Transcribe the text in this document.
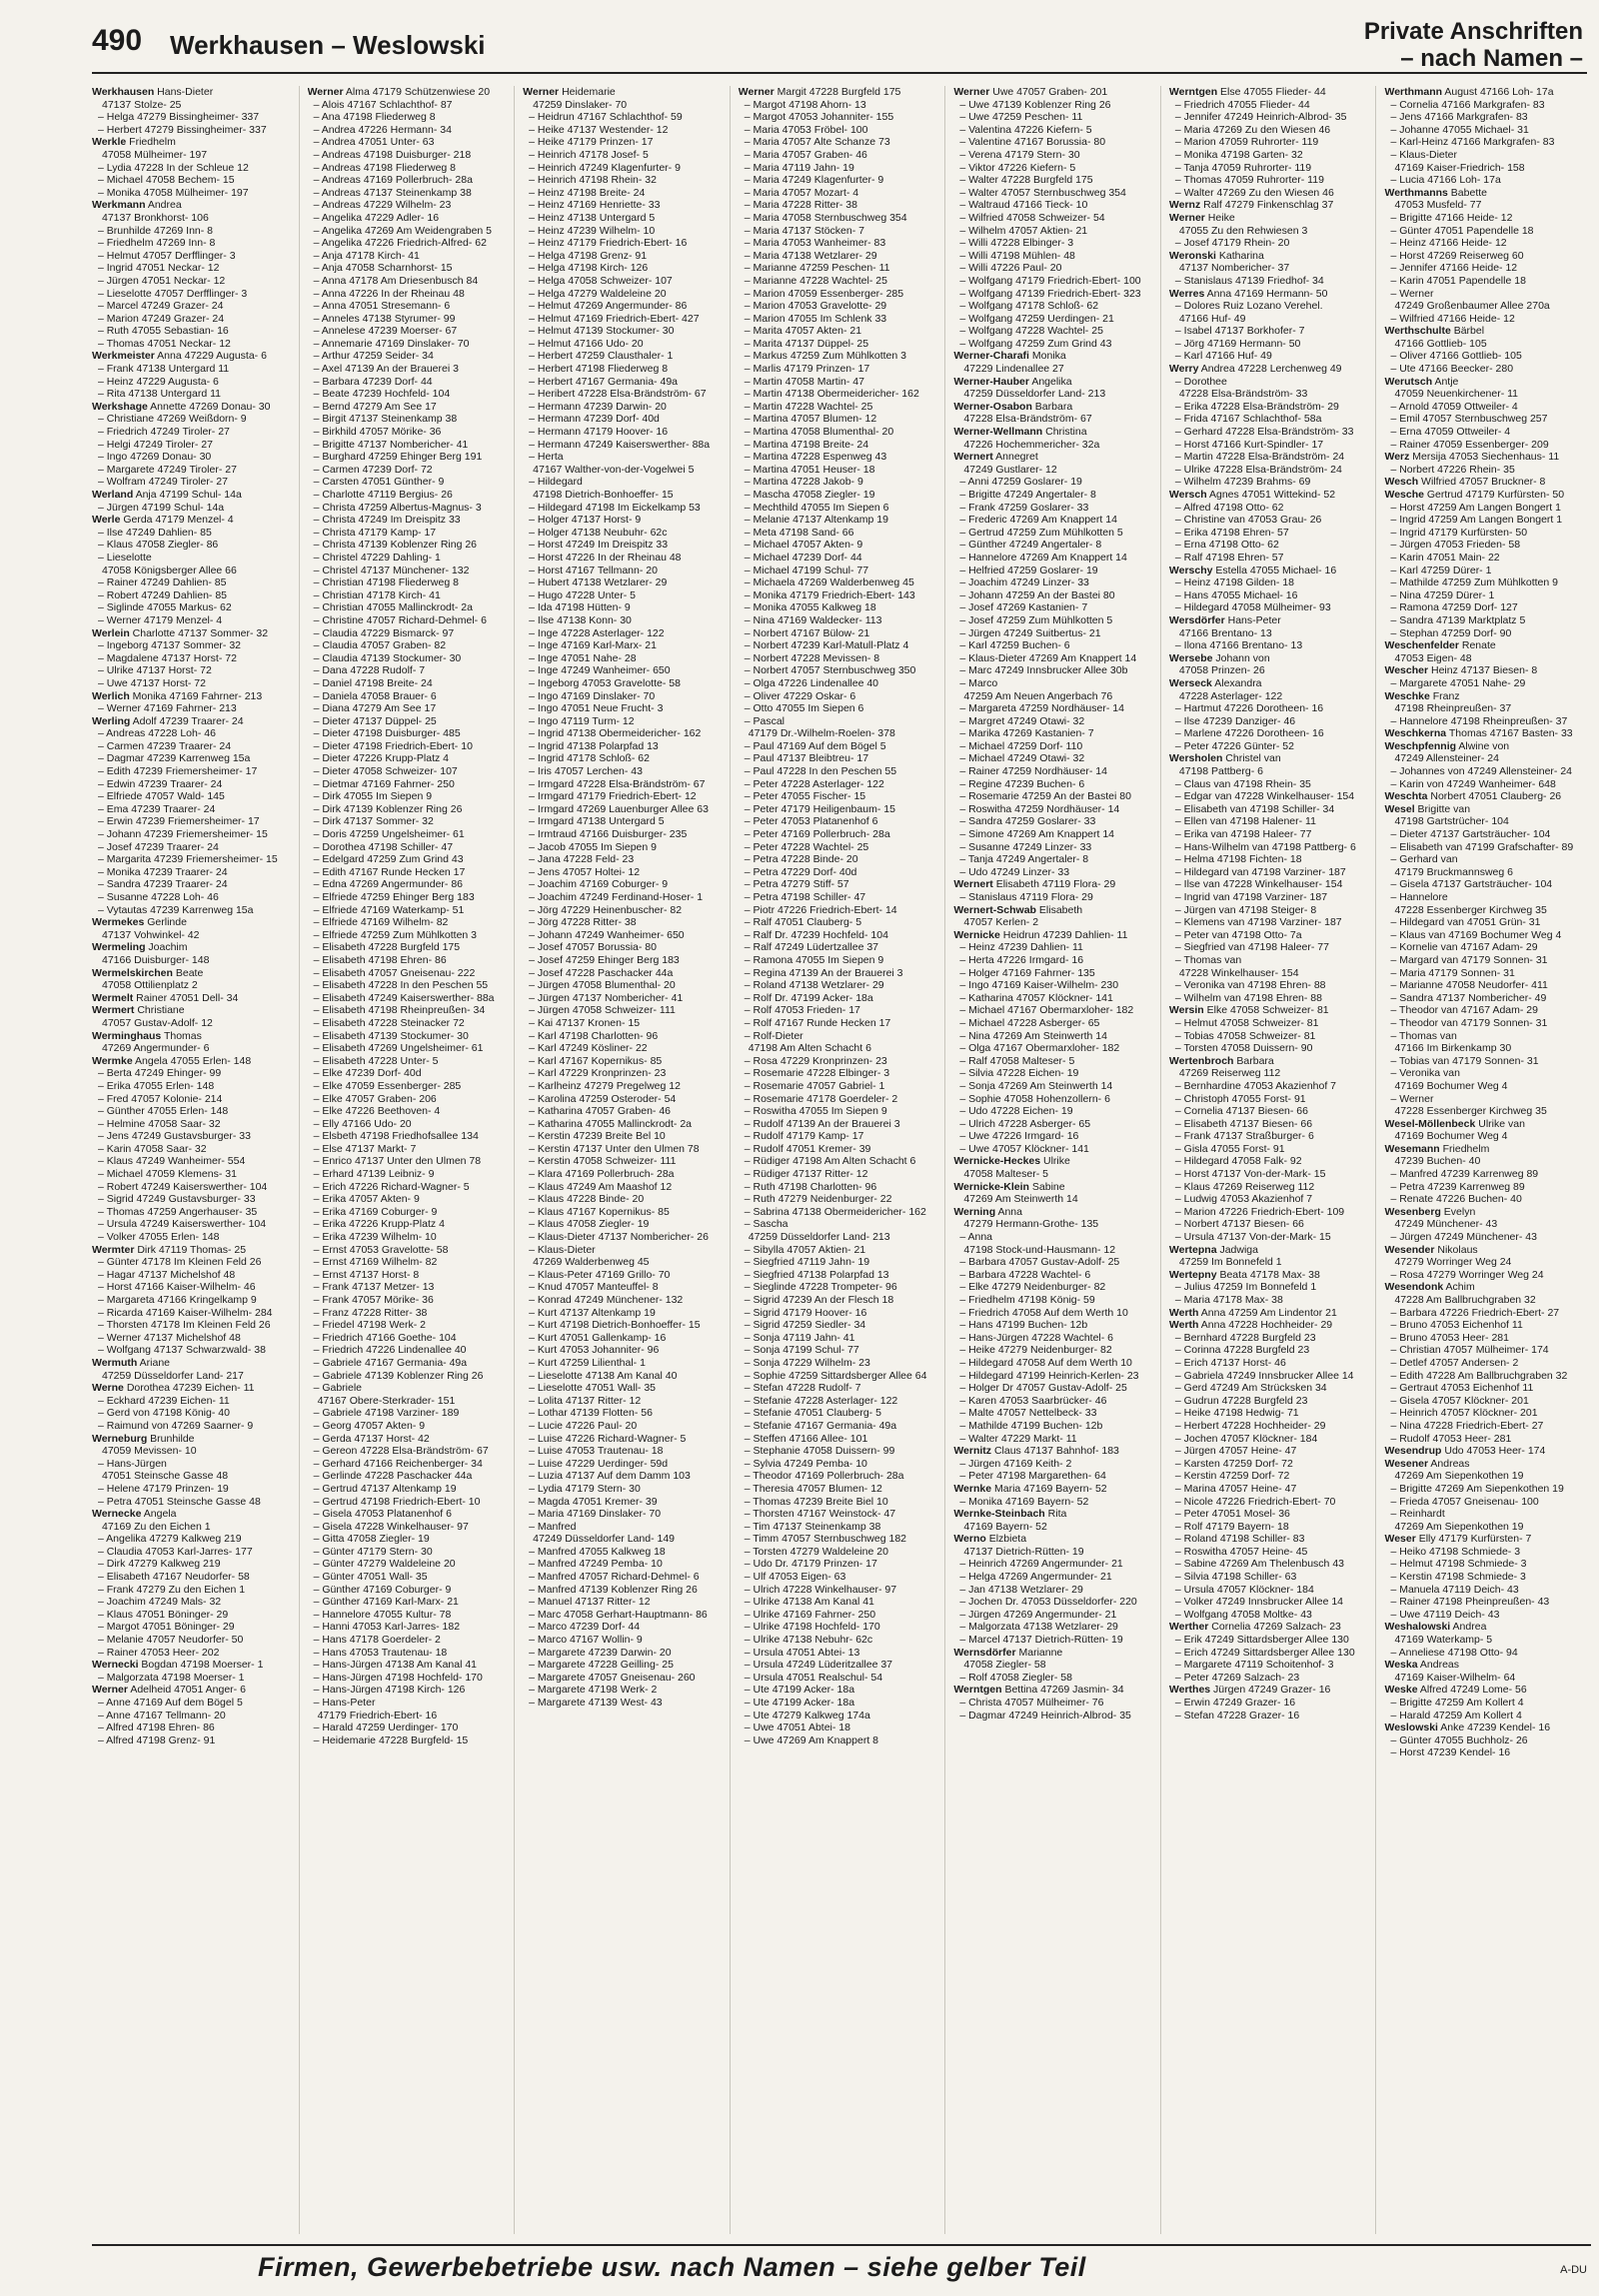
490 Werkhausen – Weslowski	Private Anschriften
– nach Namen –
Werkhausen Hans-Dieter
47137 Stolze- 25
– Helga 47279 Bissingheimer- 337
– Herbert 47279 Bissingheimer- 337
Werkle Friedhelm
47058 Mülheimer- 197
– Lydia 47228 In der Schleue 12
– Michael 47058 Bechem- 15
– Monika 47058 Mülheimer- 197
Werkmann Andrea
47137 Bronkhorst- 106
– Brunhilde 47269 Inn- 8
– Friedhelm 47269 Inn- 8
– Helmut 47057 Derfflinger- 3
– Ingrid 47051 Neckar- 12
– Jürgen 47051 Neckar- 12
– Lieselotte 47057 Derfflinger- 3
– Marcel 47249 Grazer- 24
– Marion 47249 Grazer- 24
– Ruth 47055 Sebastian- 16
– Thomas 47051 Neckar- 12
Werkmeister Anna 47229 Augusta- 6
– Frank 47138 Untergard 11
– Heinz 47229 Augusta- 6
– Rita 47138 Untergard 11
Werkshage Annette 47269 Donau- 30
– Christiane 47269 Weißdorn- 9
– Friedrich 47249 Tiroler- 27
– Helgi 47249 Tiroler- 27
– Ingo 47269 Donau- 30
– Margarete 47249 Tiroler- 27
– Wolfram 47249 Tiroler- 27
Werland Anja 47199 Schul- 14a
– Jürgen 47199 Schul- 14a
Werle Gerda 47179 Menzel- 4
– Ilse 47249 Dahlien- 85
– Klaus 47058 Ziegler- 86
– Lieselotte
47058 Königsberger Allee 66
– Rainer 47249 Dahlien- 85
– Robert 47249 Dahlien- 85
– Siglinde 47055 Markus- 62
– Werner 47179 Menzel- 4
Werlein Charlotte 47137 Sommer- 32
– Ingeborg 47137 Sommer- 32
– Magdalene 47137 Horst- 72
– Ulrike 47137 Horst- 72
– Uwe 47137 Horst- 72
Werlich Monika 47169 Fahrner- 213
– Werner 47169 Fahrner- 213
Werling Adolf 47239 Traarer- 24
– Andreas 47228 Loh- 46
– Carmen 47239 Traarer- 24
– Dagmar 47239 Karrenweg 15a
– Edith 47239 Friemersheimer- 17
– Edwin 47239 Traarer- 24
– Elfriede 47057 Wald- 145
– Ema 47239 Traarer- 24
– Erwin 47239 Friemersheimer- 17
– Johann 47239 Friemersheimer- 15
– Josef 47239 Traarer- 24
– Margarita 47239 Friemersheimer- 15
– Monika 47239 Traarer- 24
– Sandra 47239 Traarer- 24
– Susanne 47228 Loh- 46
– Vytautas 47239 Karrenweg 15a
Wermekes Gerlinde
47137 Vohwinkel- 42
Wermeling Joachim
47166 Duisburger- 148
Wermelskirchen Beate
47058 Ottilienplatz 2
Wermelt Rainer 47051 Dell- 34
Wermert Christiane
47057 Gustav-Adolf- 12
Werminghaus Thomas
47269 Angermunder- 6
Wermke Angela 47055 Erlen- 148
– Berta 47249 Ehinger- 99
– Erika 47055 Erlen- 148
– Fred 47057 Kolonie- 214
– Günther 47055 Erlen- 148
– Helmine 47058 Saar- 32
– Jens 47249 Gustavsburger- 33
– Karin 47058 Saar- 32
– Klaus 47249 Wanheimer- 554
– Michael 47059 Klemens- 31
– Robert 47249 Kaiserswerther- 104
– Sigrid 47249 Gustavsburger- 33
– Thomas 47259 Angerhauser- 35
– Ursula 47249 Kaiserswerther- 104
– Volker 47055 Erlen- 148
Wermter Dirk 47119 Thomas- 25
– Günter 47178 Im Kleinen Feld 26
– Hagar 47137 Michelshof 48
– Horst 47166 Kaiser-Wilhelm- 46
– Margareta 47166 Kringelkamp 9
– Ricarda 47169 Kaiser-Wilhelm- 284
– Thorsten 47178 Im Kleinen Feld 26
– Werner 47137 Michelshof 48
– Wolfgang 47137 Schwarzwald- 38
Wermuth Ariane
47259 Düsseldorfer Land- 217
Werne Dorothea 47239 Eichen- 11
– Eckhard 47239 Eichen- 11
– Gerd von 47198 König- 40
– Raimund von 47269 Saarner- 9
Werneburg Brunhilde
47059 Mevissen- 10
– Hans-Jürgen
47051 Steinsche Gasse 48
– Helene 47179 Prinzen- 19
– Petra 47051 Steinsche Gasse 48
Wernecke Angela
47169 Zu den Eichen 1
– Angelika 47279 Kalkweg 219
– Claudia 47053 Karl-Jarres- 177
– Dirk 47279 Kalkweg 219
– Elisabeth 47167 Neudorfer- 58
– Frank 47279 Zu den Eichen 1
– Joachim 47249 Mals- 32
– Klaus 47051 Böninger- 29
– Margot 47051 Böninger- 29
– Melanie 47057 Neudorfer- 50
– Rainer 47053 Heer- 202
Wernecki Bogdan 47198 Moerser- 1
– Malgorzata 47198 Moerser- 1
Werner Adelheid 47051 Anger- 6
– Anne 47169 Auf dem Bögel 5
– Anne 47167 Tellmann- 20
– Alfred 47198 Ehren- 86
– Alfred 47198 Grenz- 91
Werner Alma 47179 Schützenwiese 20
– Alois 47167 Schlachthof- 87
– Ana 47198 Fliederweg 8
– Andrea 47226 Hermann- 34
– Andrea 47051 Unter- 63
– Andreas 47198 Duisburger- 218
– Andreas 47198 Fliederweg 8
– Andreas 47169 Pollerbruch- 28a
– Andreas 47137 Steinenkamp 38
– Andreas 47229 Wilhelm- 23
– Angelika 47229 Adler- 16
– Angelika 47269 Am Weidengraben 5
– Angelika 47226 Friedrich-Alfred- 62
– Anja 47178 Kirch- 41
– Anja 47058 Scharnhorst- 15
– Anna 47178 Am Driesenbusch 84
– Anna 47226 In der Rheinau 48
– Anna 47051 Stresemann- 6
– Anneles 47138 Styrumer- 99
– Annelese 47239 Moerser- 67
– Annemarie 47169 Dinslaker- 70
– Arthur 47259 Seider- 34
– Axel 47139 An der Brauerei 3
– Barbara 47239 Dorf- 44
– Beate 47239 Hochfeld- 104
– Bernd 47279 Am See 17
– Birgit 47137 Steinenkamp 38
– Birkhild 47057 Mörike- 36
– Brigitte 47137 Nombericher- 41
– Burghard 47259 Ehinger Berg 191
– Carmen 47239 Dorf- 72
– Carsten 47051 Günther- 9
– Charlotte 47119 Bergius- 26
– Christa 47259 Albertus-Magnus- 3
– Christa 47249 Im Dreispitz 33
– Christa 47179 Kamp- 17
– Christa 47139 Koblenzer Ring 26
– Christel 47229 Dahling- 1
– Christel 47137 Münchener- 132
– Christian 47198 Fliederweg 8
– Christian 47178 Kirch- 41
– Christian 47055 Mallinckrodt- 2a
– Christine 47057 Richard-Dehmel- 6
– Claudia 47229 Bismarck- 97
– Claudia 47057 Graben- 82
– Claudia 47139 Stockumer- 30
– Dana 47228 Rudolf- 7
– Daniel 47198 Breite- 24
– Daniela 47058 Brauer- 6
– Diana 47279 Am See 17
– Dieter 47137 Düppel- 25
– Dieter 47198 Duisburger- 485
– Dieter 47198 Friedrich-Ebert- 10
– Dieter 47226 Krupp-Platz 4
– Dieter 47058 Schweizer- 107
– Dietmar 47169 Fahrner- 250
– Dirk 47055 Im Siepen 9
– Dirk 47139 Koblenzer Ring 26
– Dirk 47137 Sommer- 32
– Doris 47259 Ungelsheimer- 61
– Dorothea 47198 Schiller- 47
– Edelgard 47259 Zum Grind 43
– Edith 47167 Runde Hecken 17
– Edna 47269 Angermunder- 86
– Elfriede 47259 Ehinger Berg 183
– Elfriede 47169 Waterkamp- 51
– Elfriede 47169 Wilhelm- 82
– Elfriede 47259 Zum Mühlkotten 3
– Elisabeth 47228 Burgfeld 175
– Elisabeth 47198 Ehren- 86
– Elisabeth 47057 Gneisenau- 222
– Elisabeth 47228 In den Peschen 55
– Elisabeth 47249 Kaiserswerther- 88a
– Elisabeth 47198 Rheinpreußen- 34
– Elisabeth 47228 Steinacker 72
– Elisabeth 47139 Stockumer- 30
– Elisabeth 47269 Ungelsheimer- 61
– Elisabeth 47228 Unter- 5
– Elke 47239 Dorf- 40d
– Elke 47059 Essenberger- 285
– Elke 47057 Graben- 206
– Elke 47226 Beethoven- 4
– Elly 47166 Udo- 20
– Elsbeth 47198 Friedhofsallee 134
– Else 47137 Markt- 7
– Enrico 47137 Unter den Ulmen 78
– Erhard 47139 Leibniz- 9
– Erich 47226 Richard-Wagner- 5
– Erika 47057 Akten- 9
– Erika 47169 Coburger- 9
– Erika 47226 Krupp-Platz 4
– Erika 47239 Wilhelm- 10
– Ernst 47053 Gravelotte- 58
– Ernst 47169 Wilhelm- 82
– Ernst 47137 Horst- 8
– Frank 47137 Metzer- 13
– Frank 47057 Mörike- 36
– Franz 47228 Ritter- 38
– Friedel 47198 Werk- 2
– Friedrich 47166 Goethe- 104
– Friedrich 47226 Lindenallee 40
– Gabriele 47167 Germania- 49a
– Gabriele 47139 Koblenzer Ring 26
– Gabriele
47167 Obere-Sterkrader- 151
– Gabriele 47198 Varziner- 189
– Georg 47057 Akten- 9
– Gerda 47137 Horst- 42
– Gereon 47228 Elsa-Brändström- 67
– Gerhard 47166 Reichenberger- 34
– Gerlinde 47228 Paschacker 44a
– Gertrud 47137 Altenkamp 19
– Gertrud 47198 Friedrich-Ebert- 10
– Gisela 47053 Platanenhof 6
– Gisela 47228 Winkelhauser- 97
– Gitta 47058 Ziegler- 19
– Günter 47179 Stern- 30
– Günter 47279 Waldeleine 20
– Günter 47051 Wall- 35
– Günther 47169 Coburger- 9
– Günther 47169 Karl-Marx- 21
– Hannelore 47055 Kultur- 78
– Hanni 47053 Karl-Jarres- 182
– Hans 47178 Goerdeler- 2
– Hans 47053 Trautenau- 18
– Hans-Jürgen 47138 Am Kanal 41
– Hans-Jürgen 47198 Hochfeld- 170
– Hans-Jürgen 47198 Kirch- 126
– Hans-Peter
47179 Friedrich-Ebert- 16
– Harald 47259 Uerdinger- 170
– Heidemarie 47228 Burgfeld- 15
Werner Heidemarie
47259 Dinslaker- 70
– Heidrun 47167 Schlachthof- 59
– Heike 47137 Westender- 12
– Heike 47179 Prinzen- 17
– Heinrich 47178 Josef- 5
– Heinrich 47249 Klagenfurter- 9
– Heinrich 47198 Rhein- 32
– Heinz 47198 Breite- 24
– Heinz 47169 Henriette- 33
– Heinz 47138 Untergard 5
– Heinz 47239 Wilhelm- 10
– Heinz 47179 Friedrich-Ebert- 16
– Helga 47198 Grenz- 91
– Helga 47198 Kirch- 126
– Helga 47058 Schweizer- 107
– Helga 47279 Waldeleine 20
– Helmut 47269 Angermunder- 86
– Helmut 47169 Friedrich-Ebert- 427
– Helmut 47139 Stockumer- 30
– Helmut 47166 Udo- 20
– Herbert 47259 Clausthaler- 1
– Herbert 47198 Fliederweg 8
– Herbert 47167 Germania- 49a
– Heribert 47228 Elsa-Brändström- 67
– Hermann 47239 Darwin- 20
– Hermann 47239 Dorf- 40d
– Hermann 47179 Hoover- 16
– Hermann 47249 Kaiserswerther- 88a
– Herta
47167 Walther-von-der-Vogelwei 5
– Hildegard
47198 Dietrich-Bonhoeffer- 15
– Hildegard 47198 Im Eickelkamp 53
– Holger 47137 Horst- 9
– Holger 47138 Neubuhr- 62c
– Horst 47249 Im Dreispitz 33
– Horst 47226 In der Rheinau 48
– Horst 47167 Tellmann- 20
– Hubert 47138 Wetzlarer- 29
– Hugo 47228 Unter- 5
– Ida 47198 Hütten- 9
– Ilse 47138 Konn- 30
– Inge 47228 Asterlager- 122
– Inge 47169 Karl-Marx- 21
– Inge 47051 Nahe- 28
– Inge 47249 Wanheimer- 650
– Ingeborg 47053 Gravelotte- 58
– Ingo 47169 Dinslaker- 70
– Ingo 47051 Neue Frucht- 3
– Ingo 47119 Turm- 12
– Ingrid 47138 Obermeidericher- 162
– Ingrid 47138 Polarpfad 13
– Ingrid 47178 Schloß- 62
– Iris 47057 Lerchen- 43
– Irmgard 47228 Elsa-Brändström- 67
– Irmgard 47179 Friedrich-Ebert- 12
– Irmgard 47269 Lauenburger Allee 63
– Irmgard 47138 Untergard 5
– Irmtraud 47166 Duisburger- 235
– Jacob 47055 Im Siepen 9
– Jana 47228 Feld- 23
– Jens 47057 Holtei- 12
– Joachim 47169 Coburger- 9
– Joachim 47249 Ferdinand-Hoser- 1
– Jörg 47229 Heinenbuscher- 82
– Jörg 47228 Ritter- 38
– Johann 47249 Wanheimer- 650
– Josef 47057 Borussia- 80
– Josef 47259 Ehinger Berg 183
– Josef 47228 Paschacker 44a
– Jürgen 47058 Blumenthal- 20
– Jürgen 47137 Nombericher- 41
– Jürgen 47058 Schweizer- 111
– Kai 47137 Kronen- 15
– Karl 47198 Charlotten- 96
– Karl 47249 Kösliner- 22
– Karl 47167 Kopernikus- 85
– Karl 47229 Kronprinzen- 23
– Karlheinz 47279 Pregelweg 12
– Karolina 47259 Osteroder- 54
– Katharina 47057 Graben- 46
– Katharina 47055 Mallinckrodt- 2a
– Kerstin 47239 Breite Bel 10
– Kerstin 47137 Unter den Ulmen 78
– Kerstin 47058 Schweizer- 111
– Klara 47169 Pollerbruch- 28a
– Klaus 47249 Am Maashof 12
– Klaus 47228 Binde- 20
– Klaus 47167 Kopernikus- 85
– Klaus 47058 Ziegler- 19
– Klaus-Dieter 47137 Nombericher- 26
– Klaus-Dieter
47269 Walderbenweg 45
– Klaus-Peter 47169 Grillo- 70
– Knud 47057 Manteuffel- 8
– Konrad 47249 Münchener- 132
– Kurt 47137 Altenkamp 19
– Kurt 47198 Dietrich-Bonhoeffer- 15
– Kurt 47051 Gallenkamp- 16
– Kurt 47053 Johanniter- 96
– Kurt 47259 Lilienthal- 1
– Lieselotte 47138 Am Kanal 40
– Lieselotte 47051 Wall- 35
– Lolita 47137 Ritter- 12
– Lothar 47139 Flotten- 56
– Lucie 47226 Paul- 20
– Luise 47226 Richard-Wagner- 5
– Luise 47053 Trautenau- 18
– Luise 47229 Uerdinger- 59d
– Luzia 47137 Auf dem Damm 103
– Lydia 47179 Stern- 30
– Magda 47051 Kremer- 39
– Maria 47169 Dinslaker- 70
– Manfred
47249 Düsseldorfer Land- 149
– Manfred 47055 Kalkweg 18
– Manfred 47249 Pemba- 10
– Manfred 47057 Richard-Dehmel- 6
– Manfred 47139 Koblenzer Ring 26
– Manuel 47137 Ritter- 12
– Marc 47058 Gerhart-Hauptmann- 86
– Marco 47239 Dorf- 44
– Marco 47167 Wollin- 9
– Margarete 47239 Darwin- 20
– Margarete 47228 Geilling- 25
– Margarete 47057 Gneisenau- 260
– Margarete 47198 Werk- 2
– Margarete 47139 West- 43
Werner Margit 47228 Burgfeld 175
– Margot 47198 Ahorn- 13
– Margot 47053 Johanniter- 155
– Maria 47053 Fröbel- 100
– Maria 47057 Alte Schanze 73
– Maria 47057 Graben- 46
– Maria 47119 Jahn- 19
– Maria 47249 Klagenfurter- 9
– Maria 47057 Mozart- 4
– Maria 47228 Ritter- 38
– Maria 47058 Sternbuschweg 354
– Maria 47137 Stöcken- 7
– Maria 47053 Wanheimer- 83
– Maria 47138 Wetzlarer- 29
– Marianne 47259 Peschen- 11
– Marianne 47228 Wachtel- 25
– Marion 47059 Essenberger- 285
– Marion 47053 Gravelotte- 29
– Marion 47055 Im Schlenk 33
– Marita 47057 Akten- 21
– Marita 47137 Düppel- 25
– Markus 47259 Zum Mühlkotten 3
– Marlis 47179 Prinzen- 17
– Martin 47058 Martin- 47
– Martin 47138 Obermeidericher- 162
– Martin 47228 Wachtel- 25
– Martina 47057 Blumen- 12
– Martina 47058 Blumenthal- 20
– Martina 47198 Breite- 24
– Martina 47228 Espenweg 43
– Martina 47051 Heuser- 18
– Martina 47228 Jakob- 9
– Mascha 47058 Ziegler- 19
– Mechthild 47055 Im Siepen 6
– Melanie 47137 Altenkamp 19
– Meta 47198 Sand- 66
– Michael 47057 Akten- 9
– Michael 47239 Dorf- 44
– Michael 47199 Schul- 77
– Michaela 47269 Walderbenweg 45
– Monika 47179 Friedrich-Ebert- 143
– Monika 47055 Kalkweg 18
– Nina 47169 Waldecker- 113
– Norbert 47167 Bülow- 21
– Norbert 47239 Karl-Matull-Platz 4
– Norbert 47228 Mevissen- 8
– Norbert 47057 Sternbuschweg 350
– Olga 47226 Lindenallee 40
– Oliver 47229 Oskar- 6
– Otto 47055 Im Siepen 6
– Pascal
47179 Dr.-Wilhelm-Roelen- 378
– Paul 47169 Auf dem Bögel 5
– Paul 47137 Bleibtreu- 17
– Paul 47228 In den Peschen 55
– Peter 47228 Asterlager- 122
– Peter 47055 Fischer- 15
– Peter 47179 Heiligenbaum- 15
– Peter 47053 Platanenhof 6
– Peter 47169 Pollerbruch- 28a
– Peter 47228 Wachtel- 25
– Petra 47228 Binde- 20
– Petra 47229 Dorf- 40d
– Petra 47279 Stiff- 57
– Petra 47198 Schiller- 47
– Piotr 47226 Friedrich-Ebert- 14
– Ralf 47051 Clauberg- 5
– Ralf Dr. 47239 Hochfeld- 104
– Ralf 47249 Lüdertzallee 37
– Ramona 47055 Im Siepen 9
– Regina 47139 An der Brauerei 3
– Roland 47138 Wetzlarer- 29
– Rolf Dr. 47199 Acker- 18a
– Rolf 47053 Frieden- 17
– Rolf 47167 Runde Hecken 17
– Rolf-Dieter
47198 Am Alten Schacht 6
– Rosa 47229 Kronprinzen- 23
– Rosemarie 47228 Elbinger- 3
– Rosemarie 47057 Gabriel- 1
– Rosemarie 47178 Goerdeler- 2
– Roswitha 47055 Im Siepen 9
– Rudolf 47139 An der Brauerei 3
– Rudolf 47179 Kamp- 17
– Rudolf 47051 Kremer- 39
– Rüdiger 47198 Am Alten Schacht 6
– Rüdiger 47137 Ritter- 12
– Ruth 47198 Charlotten- 96
– Ruth 47279 Neidenburger- 22
– Sabrina 47138 Obermeidericher- 162
– Sascha
47259 Düsseldorfer Land- 213
– Sibylla 47057 Aktien- 21
– Siegfried 47119 Jahn- 19
– Siegfried 47138 Polarpfad 13
– Sieglinde 47228 Trompeter- 96
– Sigrid 47239 An der Flesch 18
– Sigrid 47179 Hoover- 16
– Sigrid 47259 Siedler- 34
– Sonja 47119 Jahn- 41
– Sonja 47199 Schul- 77
– Sonja 47229 Wilhelm- 23
– Sophie 47259 Sittardsberger Allee 64
– Stefan 47228 Rudolf- 7
– Stefanie 47228 Asterlager- 122
– Stefanie 47051 Clauberg- 5
– Stefanie 47167 Germania- 49a
– Steffen 47166 Allee- 101
– Stephanie 47058 Duissern- 99
– Sylvia 47249 Pemba- 10
– Theodor 47169 Pollerbruch- 28a
– Theresia 47057 Blumen- 12
– Thomas 47239 Breite Biel 10
– Thorsten 47167 Weinstock- 47
– Tim 47137 Steinenkamp 38
– Timm 47057 Sternbuschweg 182
– Torsten 47279 Waldeleine 20
– Udo Dr. 47179 Prinzen- 17
– Ulf 47053 Eigen- 63
– Ulrich 47228 Winkelhauser- 97
– Ulrike 47138 Am Kanal 41
– Ulrike 47169 Fahrner- 250
– Ulrike 47198 Hochfeld- 170
– Ulrike 47138 Nebuhr- 62c
– Ursula 47051 Abtei- 13
– Ursula 47249 Lüderitzallee 37
– Ursula 47051 Realschul- 54
– Ute 47199 Acker- 18a
– Ute 47199 Acker- 18a
– Ute 47279 Kalkweg 174a
– Uwe 47051 Abtei- 18
– Uwe 47269 Am Knappert 8
Werner Uwe 47057 Graben- 201
– Uwe 47139 Koblenzer Ring 26
– Uwe 47259 Peschen- 11
– Valentina 47226 Kiefern- 5
– Valentine 47167 Borussia- 80
– Verena 47179 Stern- 30
– Viktor 47226 Kiefern- 5
– Walter 47228 Burgfeld 175
– Walter 47057 Sternbuschweg 354
– Waltraud 47166 Tieck- 10
– Wilfried 47058 Schweizer- 54
– Wilhelm 47057 Aktien- 21
– Willi 47228 Elbinger- 3
– Willi 47198 Mühlen- 48
– Willi 47226 Paul- 20
– Wolfgang 47179 Friedrich-Ebert- 100
– Wolfgang 47139 Friedrich-Ebert- 323
– Wolfgang 47178 Schloß- 62
– Wolfgang 47259 Uerdingen- 21
– Wolfgang 47228 Wachtel- 25
– Wolfgang 47259 Zum Grind 43
Werner-Charafi Monika
47229 Lindenallee 27
Werner-Hauber Angelika
47259 Düsseldorfer Land- 213
Werner-Osabon Barbara
47228 Elsa-Brändström- 67
Werner-Wellmann Christina
47226 Hochemmericher- 32a
Wernert Annegret
47249 Gustlarer- 12
– Anni 47259 Goslarer- 19
– Brigitte 47249 Angertaler- 8
– Frank 47259 Goslarer- 33
– Frederic 47269 Am Knappert 14
– Gertrud 47259 Zum Mühlkotten 5
– Günther 47249 Angertaler- 8
– Hannelore 47269 Am Knappert 14
– Helfried 47259 Goslarer- 19
– Joachim 47249 Linzer- 33
– Johann 47259 An der Bastei 80
– Josef 47269 Kastanien- 7
– Josef 47259 Zum Mühlkotten 5
– Jürgen 47249 Suitbertus- 21
– Karl 47259 Buchen- 6
– Klaus-Dieter 47269 Am Knappert 14
– Marc 47249 Innsbrucker Allee 30b
– Marco
47259 Am Neuen Angerbach 76
– Margareta 47259 Nordhäuser- 14
– Margret 47249 Otawi- 32
– Marika 47269 Kastanien- 7
– Michael 47259 Dorf- 110
– Michael 47249 Otawi- 32
– Rainer 47259 Nordhäuser- 14
– Regine 47239 Buchen- 6
– Rosemarie 47259 An der Bastei 80
– Roswitha 47259 Nordhäuser- 14
– Sandra 47259 Goslarer- 33
– Simone 47269 Am Knappert 14
– Susanne 47249 Linzer- 33
– Tanja 47249 Angertaler- 8
– Udo 47249 Linzer- 33
Wernert Elisabeth 47119 Flora- 29
– Stanislaus 47119 Flora- 29
Wernert-Schwab Elisabeth
47057 Kerlen- 2
Wernicke Heidrun 47239 Dahlien- 11
– Heinz 47239 Dahlien- 11
– Herta 47226 Irmgard- 16
– Holger 47169 Fahrner- 135
– Ingo 47169 Kaiser-Wilhelm- 230
– Katharina 47057 Klöckner- 141
– Michael 47167 Obermarxloher- 182
– Michael 47228 Asberger- 65
– Nina 47269 Am Steinwerth 14
– Olga 47167 Obermarxloher- 182
– Ralf 47058 Malteser- 5
– Silvia 47228 Eichen- 19
– Sonja 47269 Am Steinwerth 14
– Sophie 47058 Hohenzollern- 6
– Udo 47228 Eichen- 19
– Ulrich 47228 Asberger- 65
– Uwe 47226 Irmgard- 16
– Uwe 47057 Klöckner- 141
Wernicke-Heckes Ulrike
47058 Malteser- 5
Wernicke-Klein Sabine
47269 Am Steinwerth 14
Werning Anna
47279 Hermann-Grothe- 135
– Anna
47198 Stock-und-Hausmann- 12
– Barbara 47057 Gustav-Adolf- 25
– Barbara 47228 Wachtel- 6
– Elke 47279 Neidenburger- 82
– Friedhelm 47198 König- 59
– Friedrich 47058 Auf dem Werth 10
– Hans 47199 Buchen- 12b
– Hans-Jürgen 47228 Wachtel- 6
– Heike 47279 Neidenburger- 82
– Hildegard 47058 Auf dem Werth 10
– Hildegard 47199 Heinrich-Kerlen- 23
– Holger Dr 47057 Gustav-Adolf- 25
– Karen 47053 Saarbrücker- 46
– Malte 47057 Nettelbeck- 33
– Mathilde 47199 Buchen- 12b
– Walter 47229 Markt- 11
Wernitz Claus 47137 Bahnhof- 183
– Jürgen 47169 Keith- 2
– Peter 47198 Margarethen- 64
Wernke Maria 47169 Bayern- 52
– Monika 47169 Bayern- 52
Wernke-Steinbach Rita
47169 Bayern- 52
Werno Elzbieta
47137 Dietrich-Rütten- 19
– Heinrich 47269 Angermunder- 21
– Helga 47269 Angermunder- 21
– Jan 47138 Wetzlarer- 29
– Jochen Dr. 47053 Düsseldorfer- 220
– Jürgen 47269 Angermunder- 21
– Malgorzata 47138 Wetzlarer- 29
– Marcel 47137 Dietrich-Rütten- 19
Wernsdörfer Marianne
47058 Ziegler- 58
– Rolf 47058 Ziegler- 58
Werntgen Bettina 47269 Jasmin- 34
– Christa 47057 Mülheimer- 76
– Dagmar 47249 Heinrich-Albrod- 35
Werntgen Else 47055 Flieder- 44
– Friedrich 47055 Flieder- 44
– Jennifer 47249 Heinrich-Albrod- 35
– Maria 47269 Zu den Wiesen 46
– Marion 47059 Ruhrorter- 119
– Monika 47198 Garten- 32
– Tanja 47059 Ruhrorter- 119
– Thomas 47059 Ruhrorter- 119
– Walter 47269 Zu den Wiesen 46
Wernz Ralf 47279 Finkenschlag 37
Werner Heike
47055 Zu den Rehwiesen 3
– Josef 47179 Rhein- 20
Weronski Katharina
47137 Nombericher- 37
– Stanislaus 47139 Friedhof- 34
Werres Anna 47169 Hermann- 50
– Dolores Ruiz Lozano Verehel.
47166 Huf- 49
– Isabel 47137 Borkhofer- 7
– Jörg 47169 Hermann- 50
– Karl 47166 Huf- 49
Werry Andrea 47228 Lerchenweg 49
– Dorothee
47228 Elsa-Brändström- 33
– Erika 47228 Elsa-Brändström- 29
– Frida 47167 Schlachthof- 58a
– Gerhard 47228 Elsa-Brändström- 33
– Horst 47166 Kurt-Spindler- 17
– Martin 47228 Elsa-Brändström- 24
– Ulrike 47228 Elsa-Brändström- 24
– Wilhelm 47239 Brahms- 69
Wersch Agnes 47051 Wittekind- 52
– Alfred 47198 Otto- 62
– Christine van 47053 Grau- 26
– Erika 47198 Ehren- 57
– Erna 47198 Otto- 62
– Ralf 47198 Ehren- 57
Werschy Estella 47055 Michael- 16
– Heinz 47198 Gilden- 18
– Hans 47055 Michael- 16
– Hildegard 47058 Mülheimer- 93
Wersdörfer Hans-Peter
47166 Brentano- 13
– Ilona 47166 Brentano- 13
Wersebe Johann von
47058 Prinzen- 26
Werseck Alexandra
47228 Asterlager- 122
– Hartmut 47226 Dorotheen- 16
– Ilse 47239 Danziger- 46
– Marlene 47226 Dorotheen- 16
– Peter 47226 Günter- 52
Wersholen Christel van
47198 Pattberg- 6
– Claus van 47198 Rhein- 35
– Edgar van 47228 Winkelhauser- 154
– Elisabeth van 47198 Schiller- 34
– Ellen van 47198 Halener- 11
– Erika van 47198 Haleer- 77
– Hans-Wilhelm van 47198 Pattberg- 6
– Helma 47198 Fichten- 18
– Hildegard van 47198 Varziner- 187
– Ilse van 47228 Winkelhauser- 154
– Ingrid van 47198 Varziner- 187
– Jürgen van 47198 Steiger- 8
– Klemens van 47198 Varziner- 187
– Peter van 47198 Otto- 7a
– Siegfried van 47198 Haleer- 77
– Thomas van
47228 Winkelhauser- 154
– Veronika van 47198 Ehren- 88
– Wilhelm van 47198 Ehren- 88
Wersin Elke 47058 Schweizer- 81
– Helmut 47058 Schweizer- 81
– Tobias 47058 Schweizer- 81
– Torsten 47058 Duissern- 90
Wertenbroch Barbara
47269 Reiserweg 112
– Bernhardine 47053 Akazienhof 7
– Christoph 47055 Forst- 91
– Cornelia 47137 Biesen- 66
– Elisabeth 47137 Biesen- 66
– Frank 47137 Straßburger- 6
– Gisla 47055 Forst- 91
– Hildegard 47058 Falk- 92
– Horst 47137 Von-der-Mark- 15
– Klaus 47269 Reiserweg 112
– Ludwig 47053 Akazienhof 7
– Marion 47226 Friedrich-Ebert- 109
– Norbert 47137 Biesen- 66
– Ursula 47137 Von-der-Mark- 15
Wertepna Jadwiga
47259 Im Bonnefeld 1
Wertepny Beata 47178 Max- 38
– Julius 47259 Im Bonnefeld 1
– Maria 47178 Max- 38
Werth Anna 47259 Am Lindentor 21
Werth Anna 47228 Hochheider- 29
– Bernhard 47228 Burgfeld 23
– Corinna 47228 Burgfeld 23
– Erich 47137 Horst- 46
– Gabriela 47249 Innsbrucker Allee 14
– Gerd 47249 Am Strücksken 34
– Gudrun 47228 Burgfeld 23
– Heike 47198 Hedwig- 71
– Herbert 47228 Hochheider- 29
– Jochen 47057 Klöckner- 184
– Jürgen 47057 Heine- 47
– Karsten 47259 Dorf- 72
– Kerstin 47259 Dorf- 72
– Marina 47057 Heine- 47
– Nicole 47226 Friedrich-Ebert- 70
– Peter 47051 Mosel- 36
– Rolf 47179 Bayern- 18
– Roland 47198 Schiller- 83
– Roswitha 47057 Heine- 45
– Sabine 47269 Am Thelenbusch 43
– Silvia 47198 Schiller- 63
– Ursula 47057 Klöckner- 184
– Volker 47249 Innsbrucker Allee 14
– Wolfgang 47058 Moltke- 43
Werther Cornelia 47269 Salzach- 23
– Erik 47249 Sittardsberger Allee 130
– Erich 47249 Sittardsberger Allee 130
– Margarete 47119 Schoitenhof- 3
– Peter 47269 Salzach- 23
Werthes Jürgen 47249 Grazer- 16
– Erwin 47249 Grazer- 16
– Stefan 47228 Grazer- 16
Werthmann August 47166 Loh- 17a
– Cornelia 47166 Markgrafen- 83
– Jens 47166 Markgrafen- 83
– Johanne 47055 Michael- 31
– Karl-Heinz 47166 Markgrafen- 83
– Klaus-Dieter
47169 Kaiser-Friedrich- 158
– Lucia 47166 Loh- 17a
Werthmanns Babette
47053 Musfeld- 77
– Brigitte 47166 Heide- 12
– Günter 47051 Papendelle 18
– Heinz 47166 Heide- 12
– Horst 47269 Reiserweg 60
– Jennifer 47166 Heide- 12
– Karin 47051 Papendelle 18
– Werner
47249 Großenbaumer Allee 270a
– Wilfried 47166 Heide- 12
Werthschulte Bärbel
47166 Gottlieb- 105
– Oliver 47166 Gottlieb- 105
– Ute 47166 Beecker- 280
Werutsch Antje
47059 Neuenkirchener- 11
– Arnold 47059 Ottweiler- 4
– Emil 47057 Sternbuschweg 257
– Erna 47059 Ottweiler- 4
– Rainer 47059 Essenberger- 209
Werz Mersija 47053 Siechenhaus- 11
– Norbert 47226 Rhein- 35
Wesch Wilfried 47057 Bruckner- 8
Wesche Gertrud 47179 Kurfürsten- 50
– Horst 47259 Am Langen Bongert 1
– Ingrid 47259 Am Langen Bongert 1
– Ingrid 47179 Kurfürsten- 50
– Jürgen 47053 Frieden- 58
– Karin 47051 Main- 22
– Karl 47259 Dürer- 1
– Mathilde 47259 Zum Mühlkotten 9
– Nina 47259 Dürer- 1
– Ramona 47259 Dorf- 127
– Sandra 47139 Marktplatz 5
– Stephan 47259 Dorf- 90
Weschenfelder Renate
47053 Eigen- 48
Wescher Heinz 47137 Biesen- 8
– Margarete 47051 Nahe- 29
Weschke Franz
47198 Rheinpreußen- 37
– Hannelore 47198 Rheinpreußen- 37
Weschkerna Thomas 47167 Basten- 33
Weschpfennig Alwine von
47249 Allensteiner- 24
– Johannes von 47249 Allensteiner- 24
– Karin von 47249 Wanheimer- 648
Weschta Norbert 47051 Clauberg- 26
Wesel Brigitte van
47198 Gartstrücher- 104
– Dieter 47137 Gartsträucher- 104
– Elisabeth van 47199 Grafschafter- 89
– Gerhard van
47179 Bruckmannsweg 6
– Gisela 47137 Gartsträucher- 104
– Hannelore
47228 Essenberger Kirchweg 35
– Hildegard van 47051 Grün- 31
– Klaus van 47169 Bochumer Weg 4
– Kornelie van 47167 Adam- 29
– Margard van 47179 Sonnen- 31
– Maria 47179 Sonnen- 31
– Marianne 47058 Neudorfer- 411
– Sandra 47137 Nombericher- 49
– Theodor van 47167 Adam- 29
– Theodor van 47179 Sonnen- 31
– Thomas van
47166 Im Birkenkamp 30
– Tobias van 47179 Sonnen- 31
– Veronika van
47169 Bochumer Weg 4
– Werner
47228 Essenberger Kirchweg 35
Wesel-Möllenbeck Ulrike van
47169 Bochumer Weg 4
Wesemann Friedhelm
47239 Buchen- 40
– Manfred 47239 Karrenweg 89
– Petra 47239 Karrenweg 89
– Renate 47226 Buchen- 40
Wesenberg Evelyn
47249 Münchener- 43
– Jürgen 47249 Münchener- 43
Wesender Nikolaus
47279 Worringer Weg 24
– Rosa 47279 Worringer Weg 24
Wesendonk Achim
47228 Am Ballbruchgraben 32
– Barbara 47226 Friedrich-Ebert- 27
– Bruno 47053 Eichenhof 11
– Bruno 47053 Heer- 281
– Christian 47057 Mülheimer- 174
– Detlef 47057 Andersen- 2
– Edith 47228 Am Ballbruchgraben 32
– Gertraut 47053 Eichenhof 11
– Gisela 47057 Klöckner- 201
– Heinrich 47057 Klöckner- 201
– Nina 47228 Friedrich-Ebert- 27
– Rudolf 47053 Heer- 281
Wesendrup Udo 47053 Heer- 174
Wesener Andreas
47269 Am Siepenkothen 19
– Brigitte 47269 Am Siepenkothen 19
– Frieda 47057 Gneisenau- 100
– Reinhardt
47269 Am Siepenkothen 19
Weser Elly 47179 Kurfürsten- 7
– Heiko 47198 Schmiede- 3
– Helmut 47198 Schmiede- 3
– Kerstin 47198 Schmiede- 3
– Manuela 47119 Deich- 43
– Rainer 47198 Pheinpreußen- 43
– Uwe 47119 Deich- 43
Weshalowski Andrea
47169 Waterkamp- 5
– Anneliese 47198 Otto- 94
Weska Andreas
47169 Kaiser-Wilhelm- 64
Weske Alfred 47249 Lome- 56
– Brigitte 47259 Am Kollert 4
– Harald 47259 Am Kollert 4
Weslowski Anke 47239 Kendel- 16
– Günter 47055 Buchholz- 26
– Horst 47239 Kendel- 16
Firmen, Gewerbebetriebe usw. nach Namen – siehe gelber Teil	A-DU
